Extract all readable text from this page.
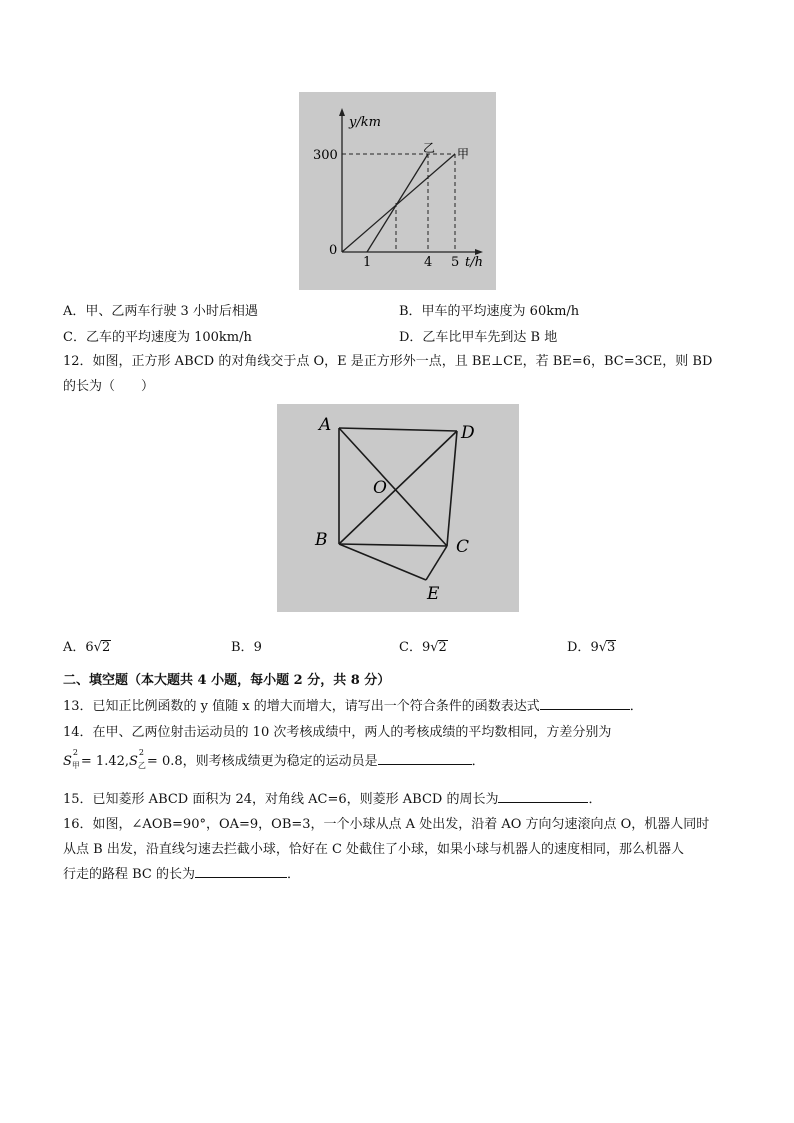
y/km
300
0
1	4 5 t/h
乙 甲
A．甲、乙两车行驶 3 小时后相遇	B．甲车的平均速度为 60km/h
C．乙车的平均速度为 100km/h	D．乙车比甲车先到达 B 地
12．如图，正方形 ABCD 的对角线交于点 O，E 是正方形外一点，且 BE⊥CE，若 BE=6，BC=3CE，则 BD
的长为（　　）
A	D
O
B	C
E
A．6√2	B．9	C．9√2	D．9√3
二、填空题（本大题共 4 小题，每小题 2 分，共 8 分）
13．已知正比例函数的 y 值随 x 的增大而增大，请写出一个符合条件的函数表达式	．
14．在甲、乙两位射击运动员的 10 次考核成绩中，两人的考核成绩的平均数相同，方差分别为
S
2
甲 = 1.42,S
2
乙 = 0.8，则考核成绩更为稳定的运动员是	．
15．已知菱形 ABCD 面积为 24，对角线 AC=6，则菱形 ABCD 的周长为	．
16．如图，∠AOB=90°，OA=9，OB=3，一个小球从点 A 处出发，沿着 AO 方向匀速滚向点 O，机器人同时
从点 B 出发，沿直线匀速去拦截小球，恰好在 C 处截住了小球，如果小球与机器人的速度相同，那么机器人
行走的路程 BC 的长为	．
